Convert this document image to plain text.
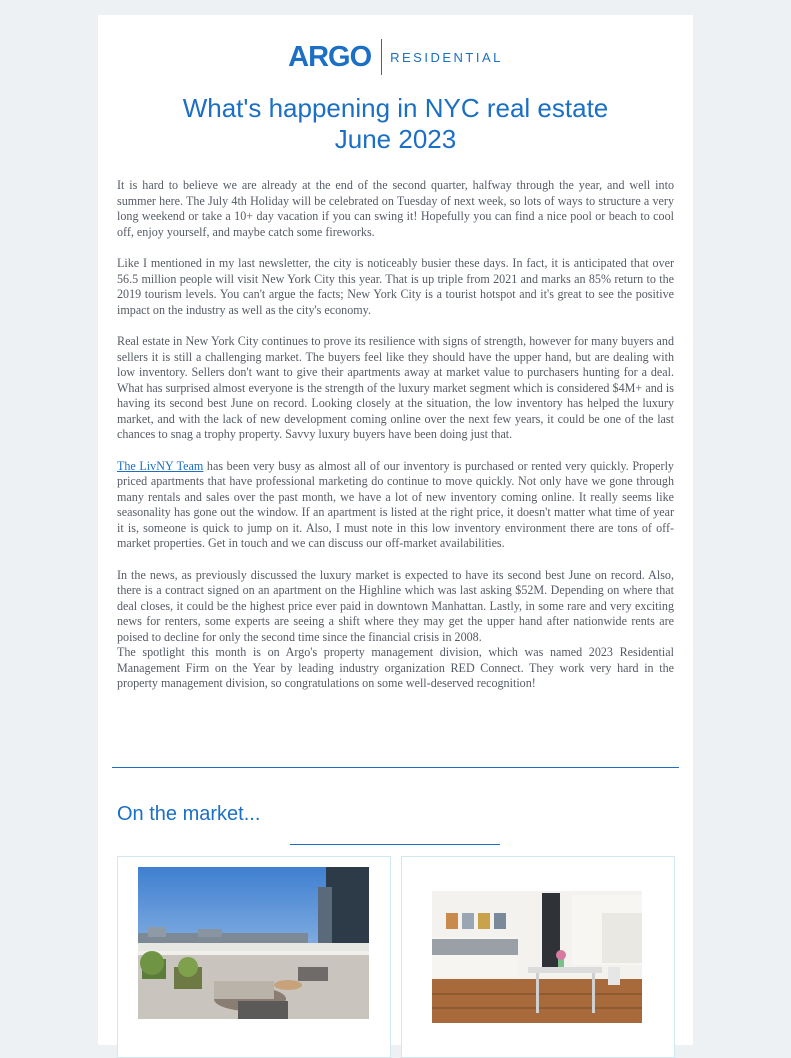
ARGO RESIDENTIAL
What's happening in NYC real estate
June 2023

It is hard to believe we are already at the end of the second quarter, halfway through the year, and well into summer here. The July 4th Holiday will be celebrated on Tuesday of next week, so lots of ways to structure a very long weekend or take a 10+ day vacation if you can swing it! Hopefully you can find a nice pool or beach to cool off, enjoy yourself, and maybe catch some fireworks.

Like I mentioned in my last newsletter, the city is noticeably busier these days. In fact, it is anticipated that over 56.5 million people will visit New York City this year. That is up triple from 2021 and marks an 85% return to the 2019 tourism levels. You can't argue the facts; New York City is a tourist hotspot and it's great to see the positive impact on the industry as well as the city's economy.

Real estate in New York City continues to prove its resilience with signs of strength, however for many buyers and sellers it is still a challenging market. The buyers feel like they should have the upper hand, but are dealing with low inventory. Sellers don't want to give their apartments away at market value to purchasers hunting for a deal. What has surprised almost everyone is the strength of the luxury market segment which is considered $4M+ and is having its second best June on record. Looking closely at the situation, the low inventory has helped the luxury market, and with the lack of new development coming online over the next few years, it could be one of the last chances to snag a trophy property. Savvy luxury buyers have been doing just that.

The LivNY Team has been very busy as almost all of our inventory is purchased or rented very quickly. Properly priced apartments that have professional marketing do continue to move quickly. Not only have we gone through many rentals and sales over the past month, we have a lot of new inventory coming online. It really seems like seasonality has gone out the window. If an apartment is listed at the right price, it doesn't matter what time of year it is, someone is quick to jump on it. Also, I must note in this low inventory environment there are tons of off-market properties. Get in touch and we can discuss our off-market availabilities.

In the news, as previously discussed the luxury market is expected to have its second best June on record. Also, there is a contract signed on an apartment on the Highline which was last asking $52M. Depending on where that deal closes, it could be the highest price ever paid in downtown Manhattan. Lastly, in some rare and very exciting news for renters, some experts are seeing a shift where they may get the upper hand after nationwide rents are poised to decline for only the second time since the financial crisis in 2008.

The spotlight this month is on Argo's property management division, which was named 2023 Residential Management Firm on the Year by leading industry organization RED Connect. They work very hard in the property management division, so congratulations on some well-deserved recognition!

On the market...
